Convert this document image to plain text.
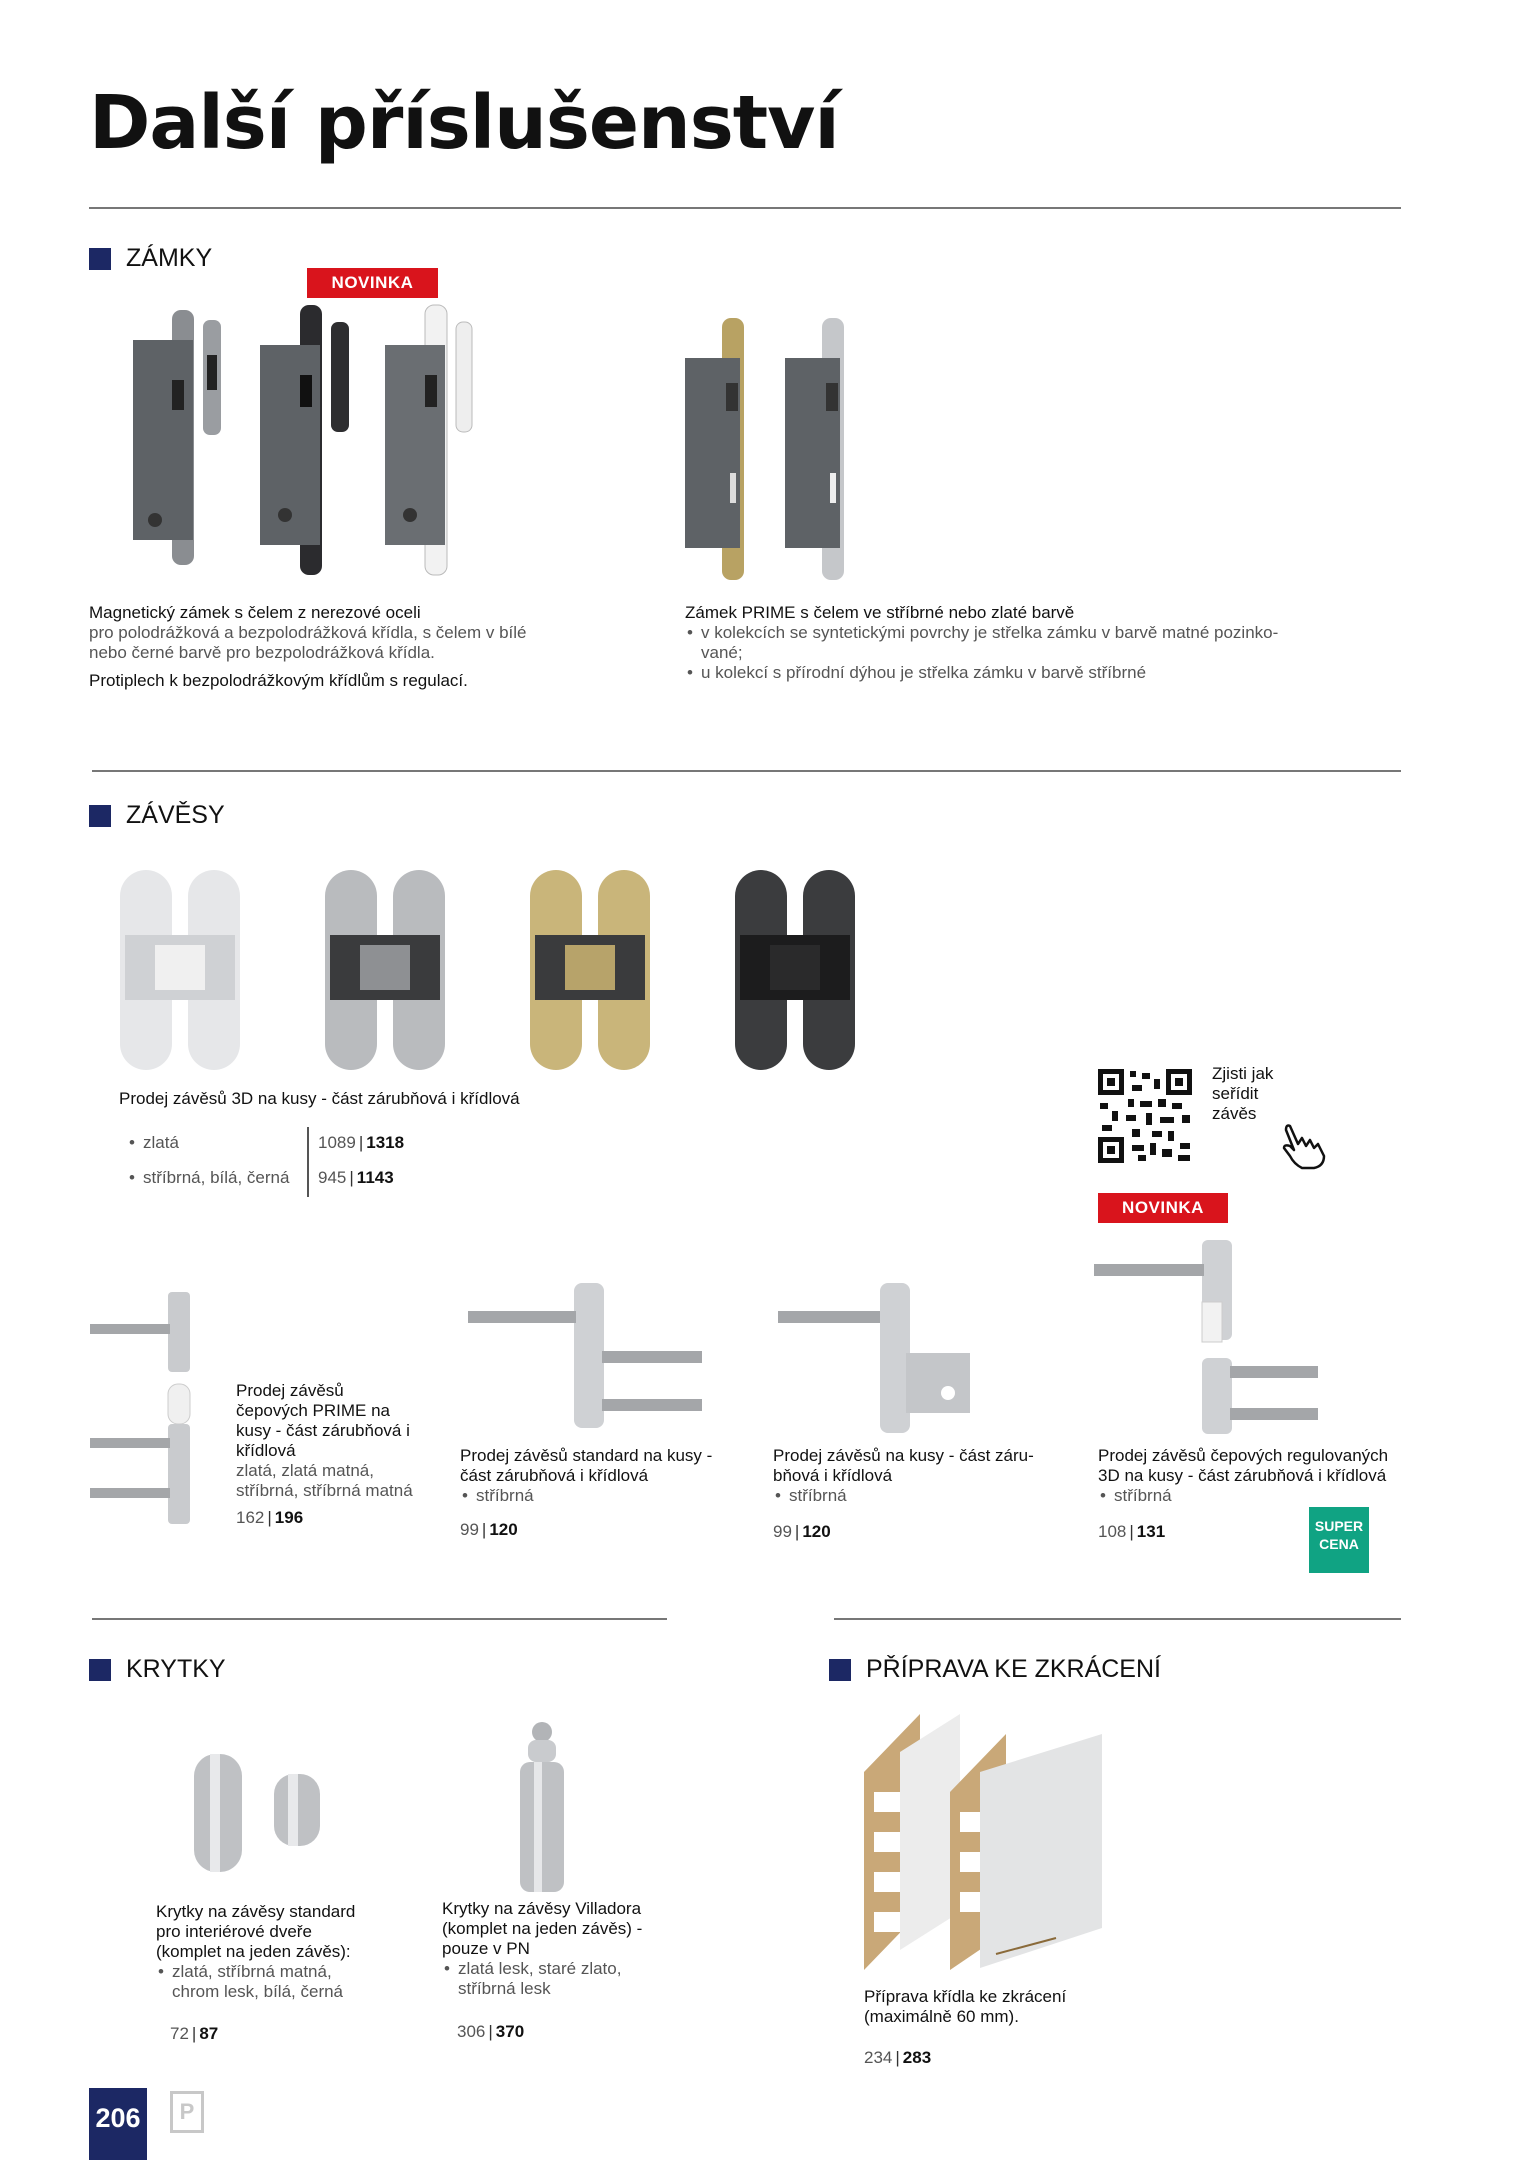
Další příslušenství
ZÁMKY
NOVINKA
Magnetický zámek s čelem z nerezové oceli
pro polodrážková a bezpolodrážková křídla, s čelem v bílé
nebo černé barvě pro bezpolodrážková křídla.
Protiplech k bezpolodrážkovým křídlům s regulací.
Zámek PRIME s čelem ve stříbrné nebo zlaté barvě
• v kolekcích se syntetickými povrchy je střelka zámku v barvě matné pozinko-
vané;
• u kolekcí s přírodní dýhou je střelka zámku v barvě stříbrné
ZÁVĚSY
Prodej závěsů 3D na kusy - část zárubňová i křídlová
• zlatá	1089 | 1318
• stříbrná, bílá, černá 945 | 1143
Zjisti jak
seřídit
závěs
NOVINKA
Prodej závěsů
čepových PRIME na
kusy - část zárubňová i
křídlová
zlatá, zlatá matná,
stříbrná, stříbrná matná
162 | 196
Prodej závěsů standard na kusy -
část zárubňová i křídlová
• stříbrná
99 | 120
Prodej závěsů na kusy - část záru-
bňová i křídlová
• stříbrná
99 | 120
Prodej závěsů čepových regulovaných
3D na kusy - část zárubňová i křídlová
• stříbrná
108 | 131	SUPER
CENA
KRYTKY
Krytky na závěsy standard
pro interiérové dveře
(komplet na jeden závěs):
• zlatá, stříbrná matná,
chrom lesk, bílá, černá
72 | 87
Krytky na závěsy Villadora
(komplet na jeden závěs) -
pouze v PN
• zlatá lesk, staré zlato,
stříbrná lesk
306 | 370
PŘÍPRAVA KE ZKRÁCENÍ
Příprava křídla ke zkrácení
(maximálně 60 mm).
234 | 283
206	P
